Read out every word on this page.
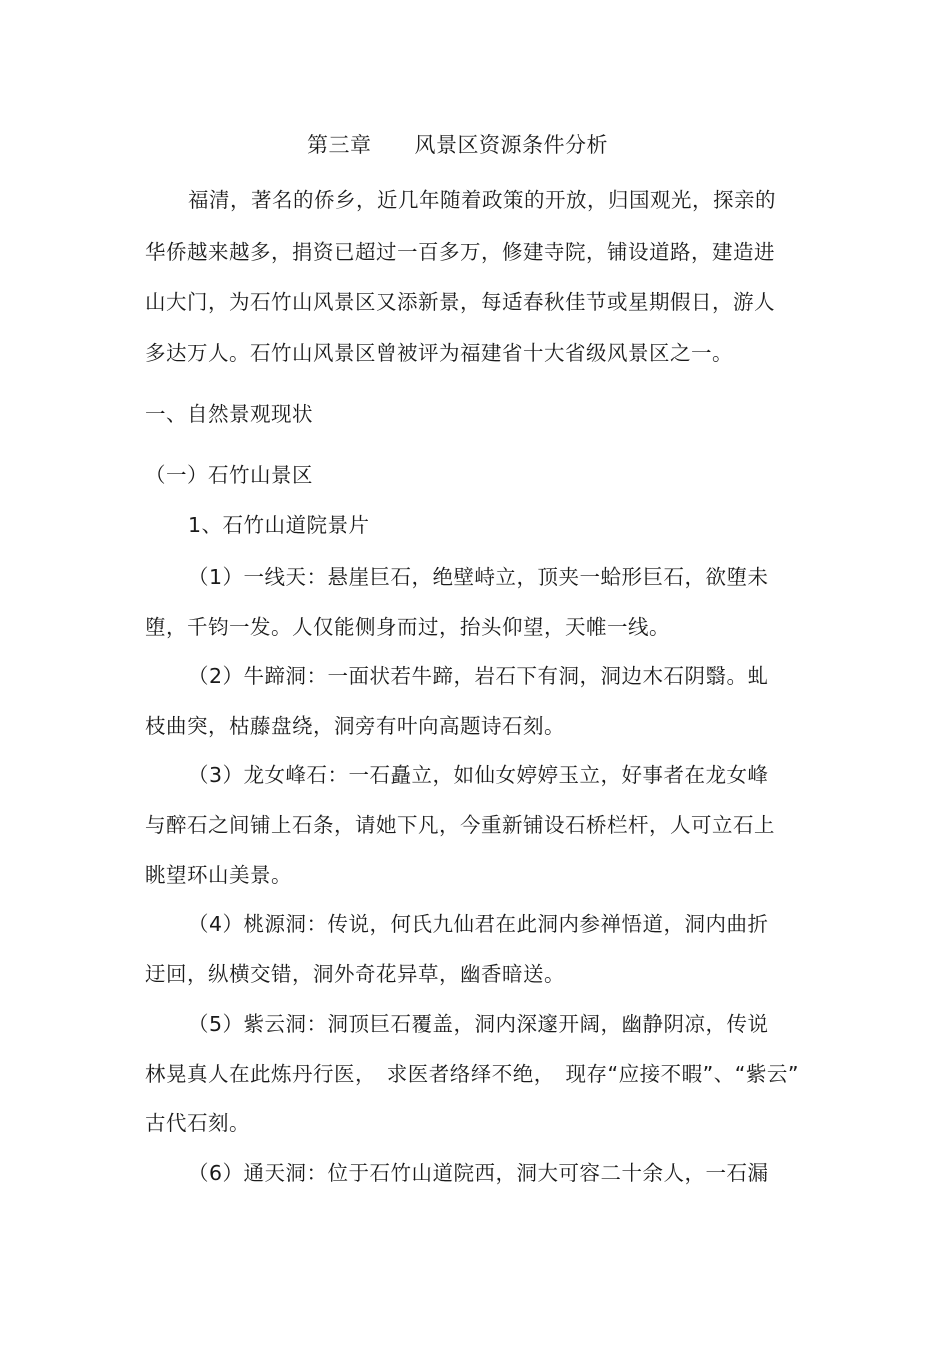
第三章　　风景区资源条件分析
福清，著名的侨乡，近几年随着政策的开放，归国观光，探亲的
华侨越来越多，捐资已超过一百多万，修建寺院，铺设道路，建造进
山大门，为石竹山风景区又添新景，每适春秋佳节或星期假日，游人
多达万人。石竹山风景区曾被评为福建省十大省级风景区之一。
一、自然景观现状
（一）石竹山景区
1、石竹山道院景片
（1）一线天：悬崖巨石，绝壁峙立，顶夹一蛤形巨石，欲堕未
堕，千钧一发。人仅能侧身而过，抬头仰望，天帷一线。
（2）牛蹄洞：一面状若牛蹄，岩石下有洞，洞边木石阴翳。虬
枝曲突，枯藤盘绕，洞旁有叶向高题诗石刻。
（3）龙女峰石：一石矗立，如仙女婷婷玉立，好事者在龙女峰
与醉石之间铺上石条，请她下凡，今重新铺设石桥栏杆，人可立石上
眺望环山美景。
（4）桃源洞：传说，何氏九仙君在此洞内参禅悟道，洞内曲折
迂回，纵横交错，洞外奇花异草，幽香暗送。
（5）紫云洞：洞顶巨石覆盖，洞内深邃开阔，幽静阴凉，传说
林晃真人在此炼丹行医，　求医者络绎不绝，　现存“应接不暇”、“紫云”
古代石刻。
（6）通天洞：位于石竹山道院西，洞大可容二十余人，一石漏
